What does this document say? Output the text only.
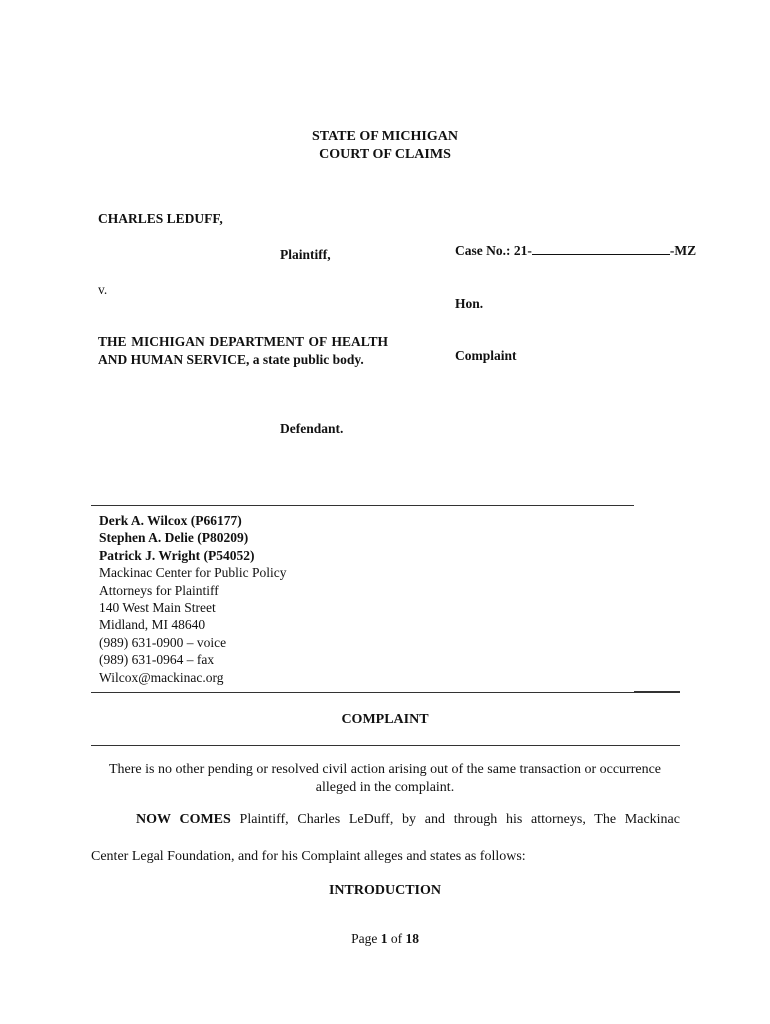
STATE OF MICHIGAN
COURT OF CLAIMS
CHARLES LEDUFF,
Plaintiff,
v.
THE MICHIGAN DEPARTMENT OF HEALTH AND HUMAN SERVICE, a state public body.
Defendant.
Case No.: 21-	-MZ
Hon.
Complaint
Derk A. Wilcox (P66177)
Stephen A. Delie (P80209)
Patrick J. Wright (P54052)
Mackinac Center for Public Policy
Attorneys for Plaintiff
140 West Main Street
Midland, MI 48640
(989) 631-0900 – voice
(989) 631-0964 – fax
Wilcox@mackinac.org
COMPLAINT
There is no other pending or resolved civil action arising out of the same transaction or occurrence alleged in the complaint.
NOW COMES Plaintiff, Charles LeDuff, by and through his attorneys, The Mackinac
Center Legal Foundation, and for his Complaint alleges and states as follows:
INTRODUCTION
Page 1 of 18
